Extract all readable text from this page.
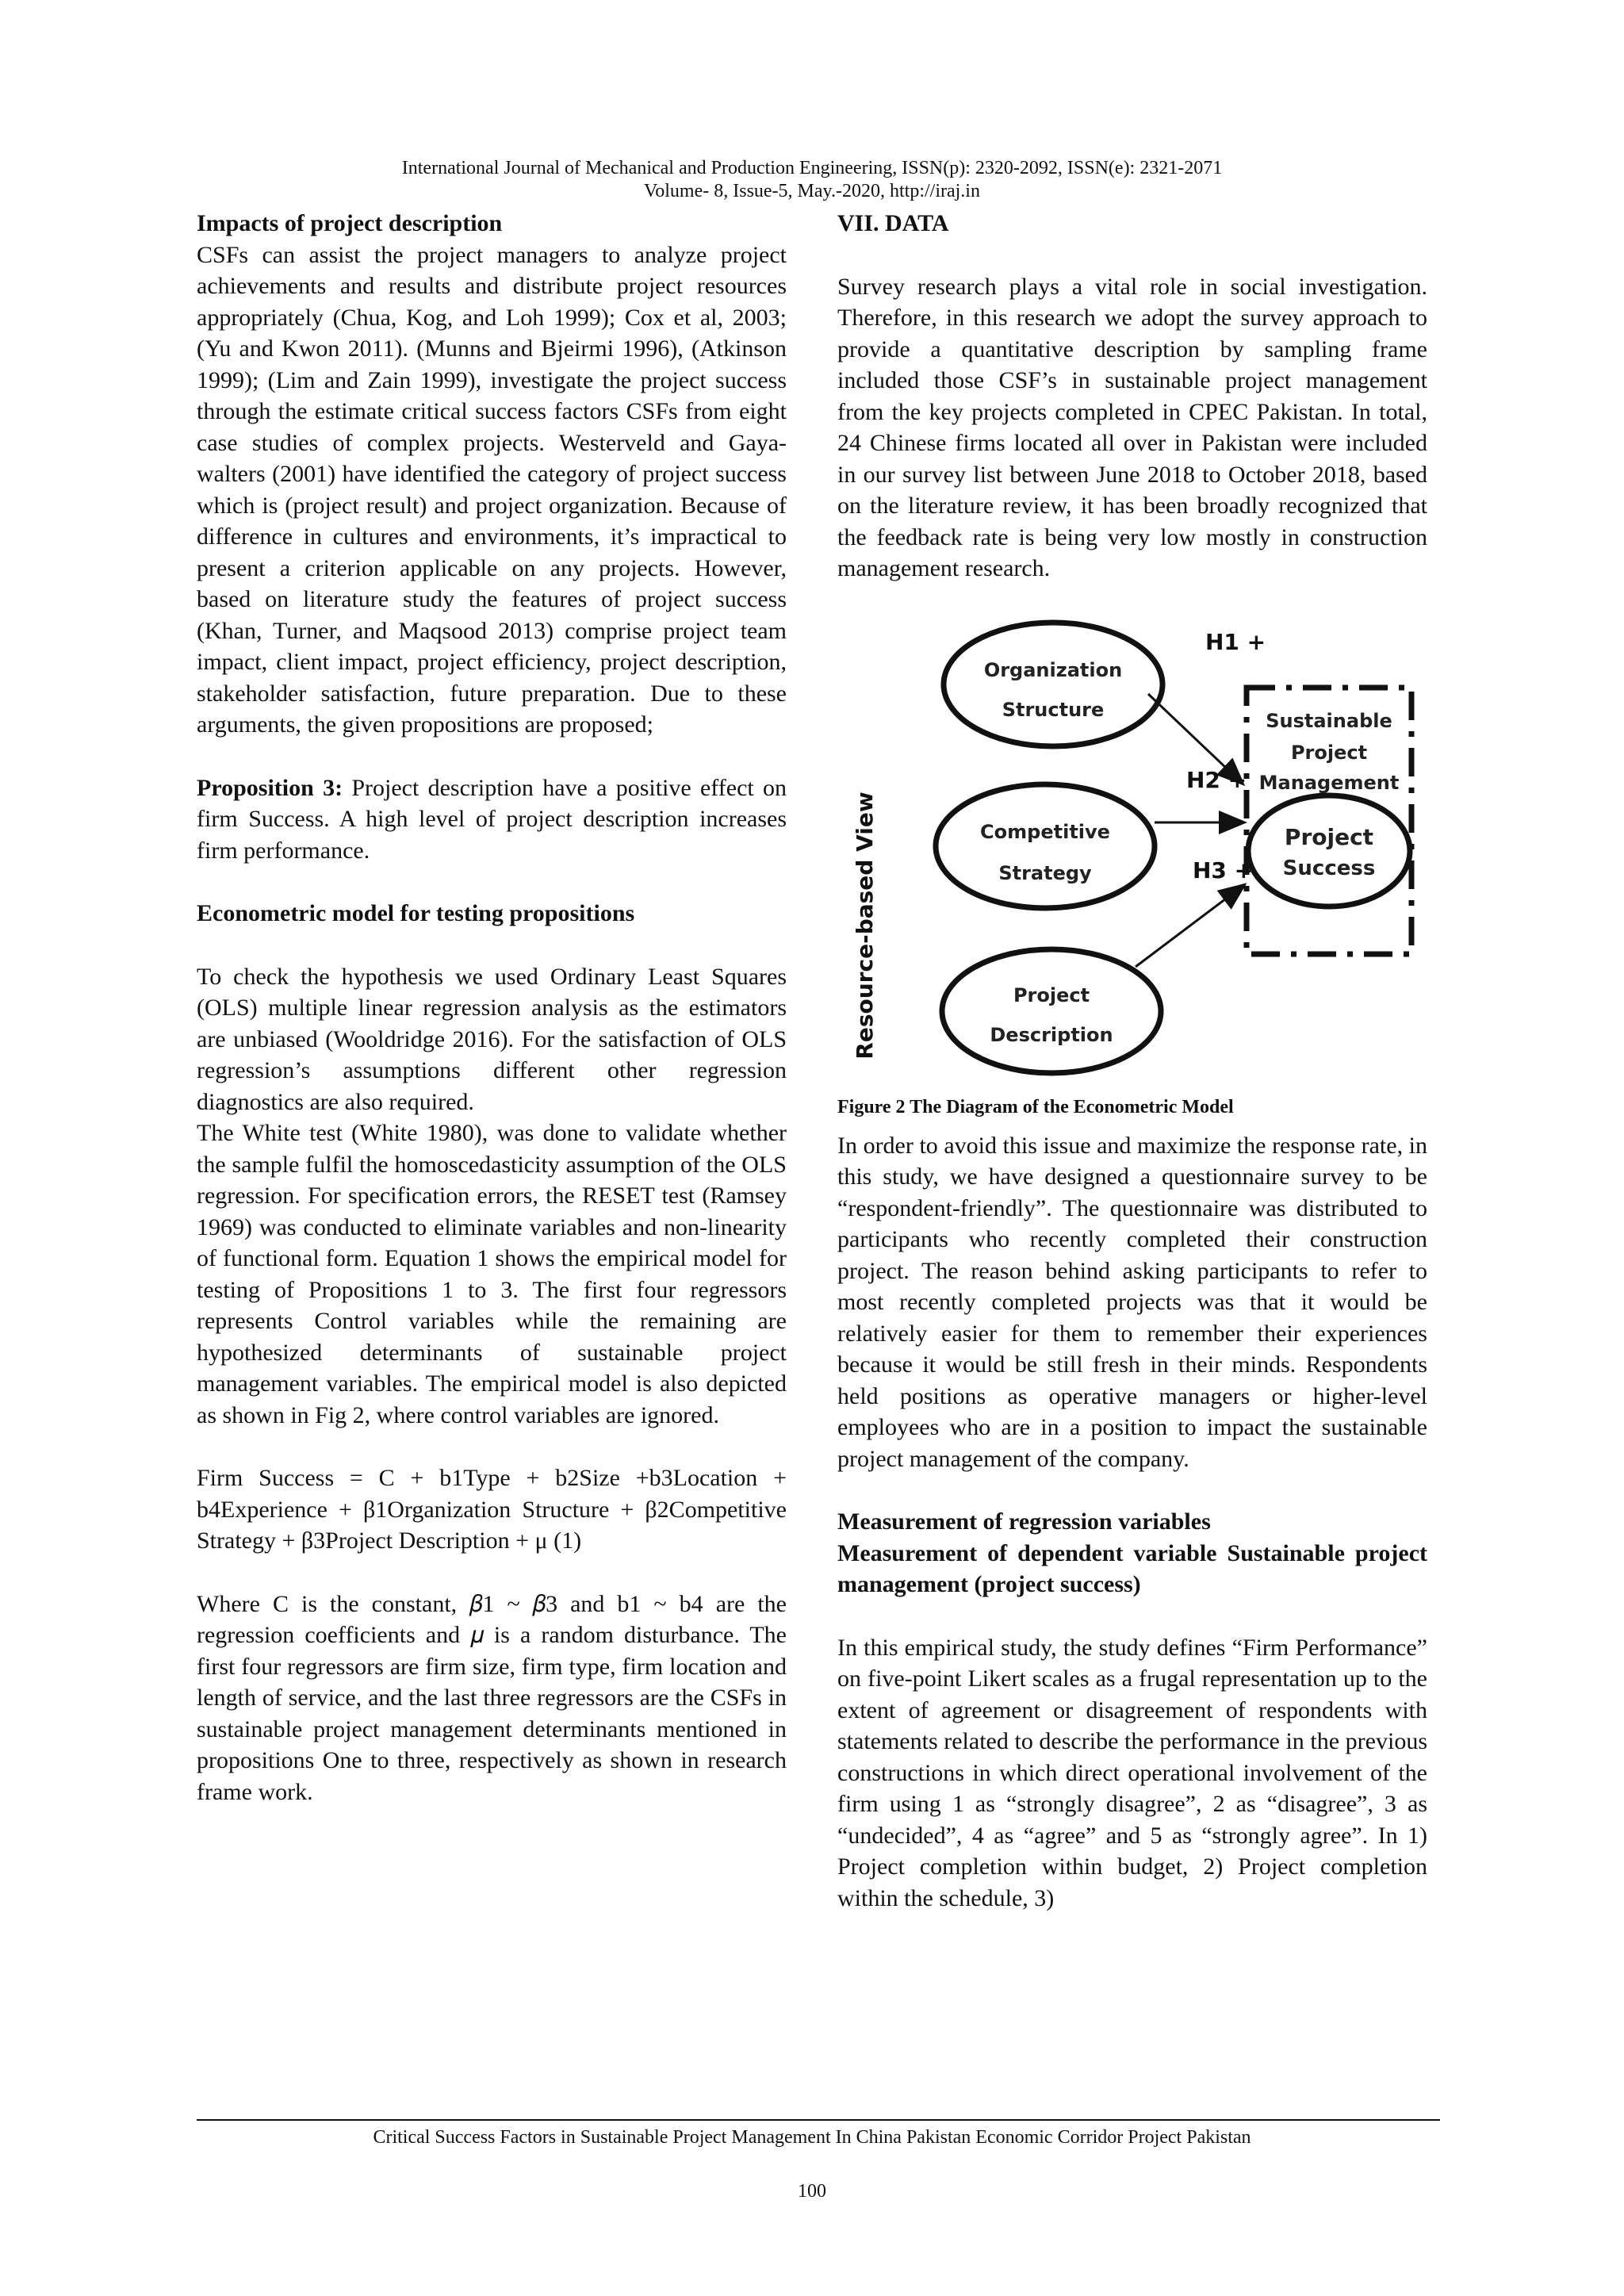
International Journal of Mechanical and Production Engineering, ISSN(p): 2320-2092, ISSN(e): 2321-2071
Volume- 8, Issue-5, May.-2020, http://iraj.in

Impacts of project description

CSFs can assist the project managers to analyze project achievements and results and distribute project resources appropriately (Chua, Kog, and Loh 1999); Cox et al, 2003; (Yu and Kwon 2011). (Munns and Bjeirmi 1996), (Atkinson 1999); (Lim and Zain 1999), investigate the project success through the estimate critical success factors CSFs from eight case studies of complex projects. Westerveld and Gaya-walters (2001) have identified the category of project success which is (project result) and project organization. Because of difference in cultures and environments, it’s impractical to present a criterion applicable on any projects. However, based on literature study the features of project success (Khan, Turner, and Maqsood 2013) comprise project team impact, client impact, project efficiency, project description, stakeholder satisfaction, future preparation. Due to these arguments, the given propositions are proposed;

Proposition 3: Project description have a positive effect on firm Success. A high level of project description increases firm performance.

Econometric model for testing propositions

To check the hypothesis we used Ordinary Least Squares (OLS) multiple linear regression analysis as the estimators are unbiased (Wooldridge 2016). For the satisfaction of OLS regression’s assumptions different other regression diagnostics are also required.

The White test (White 1980), was done to validate whether the sample fulfil the homoscedasticity assumption of the OLS regression. For specification errors, the RESET test (Ramsey 1969) was conducted to eliminate variables and non-linearity of functional form. Equation 1 shows the empirical model for testing of Propositions 1 to 3. The first four regressors represents Control variables while the remaining are hypothesized determinants of sustainable project management variables. The empirical model is also depicted as shown in Fig 2, where control variables are ignored.

Firm Success = C + b1Type + b2Size +b3Location + b4Experience + β1Organization Structure + β2Competitive Strategy + β3Project Description + μ (1)

Where C is the constant, 𝛽1 ~ 𝛽3 and b1 ~ b4 are the regression coefficients and 𝜇 is a random disturbance. The first four regressors are firm size, firm type, firm location and length of service, and the last three regressors are the CSFs in sustainable project management determinants mentioned in propositions One to three, respectively as shown in research frame work.

VII. DATA

Survey research plays a vital role in social investigation. Therefore, in this research we adopt the survey approach to provide a quantitative description by sampling frame included those CSF’s in sustainable project management from the key projects completed in CPEC Pakistan. In total, 24 Chinese firms located all over in Pakistan were included in our survey list between June 2018 to October 2018, based on the literature review, it has been broadly recognized that the feedback rate is being very low mostly in construction management research.

Resource-based View
Organization
Structure
Competitive
Strategy
Project
Description
Sustainable
Project
Management
Project
Success
H1 +
H2 +
H3 +

Figure 2 The Diagram of the Econometric Model

In order to avoid this issue and maximize the response rate, in this study, we have designed a questionnaire survey to be “respondent-friendly”. The questionnaire was distributed to participants who recently completed their construction project. The reason behind asking participants to refer to most recently completed projects was that it would be relatively easier for them to remember their experiences because it would be still fresh in their minds. Respondents held positions as operative managers or higher-level employees who are in a position to impact the sustainable project management of the company.

Measurement of regression variables

Measurement of dependent variable Sustainable project management (project success)

In this empirical study, the study defines “Firm Performance” on five-point Likert scales as a frugal representation up to the extent of agreement or disagreement of respondents with statements related to describe the performance in the previous constructions in which direct operational involvement of the firm using 1 as “strongly disagree”, 2 as “disagree”, 3 as “undecided”, 4 as “agree” and 5 as “strongly agree”. In 1) Project completion within budget, 2) Project completion within the schedule, 3)

Critical Success Factors in Sustainable Project Management In China Pakistan Economic Corridor Project Pakistan
100
